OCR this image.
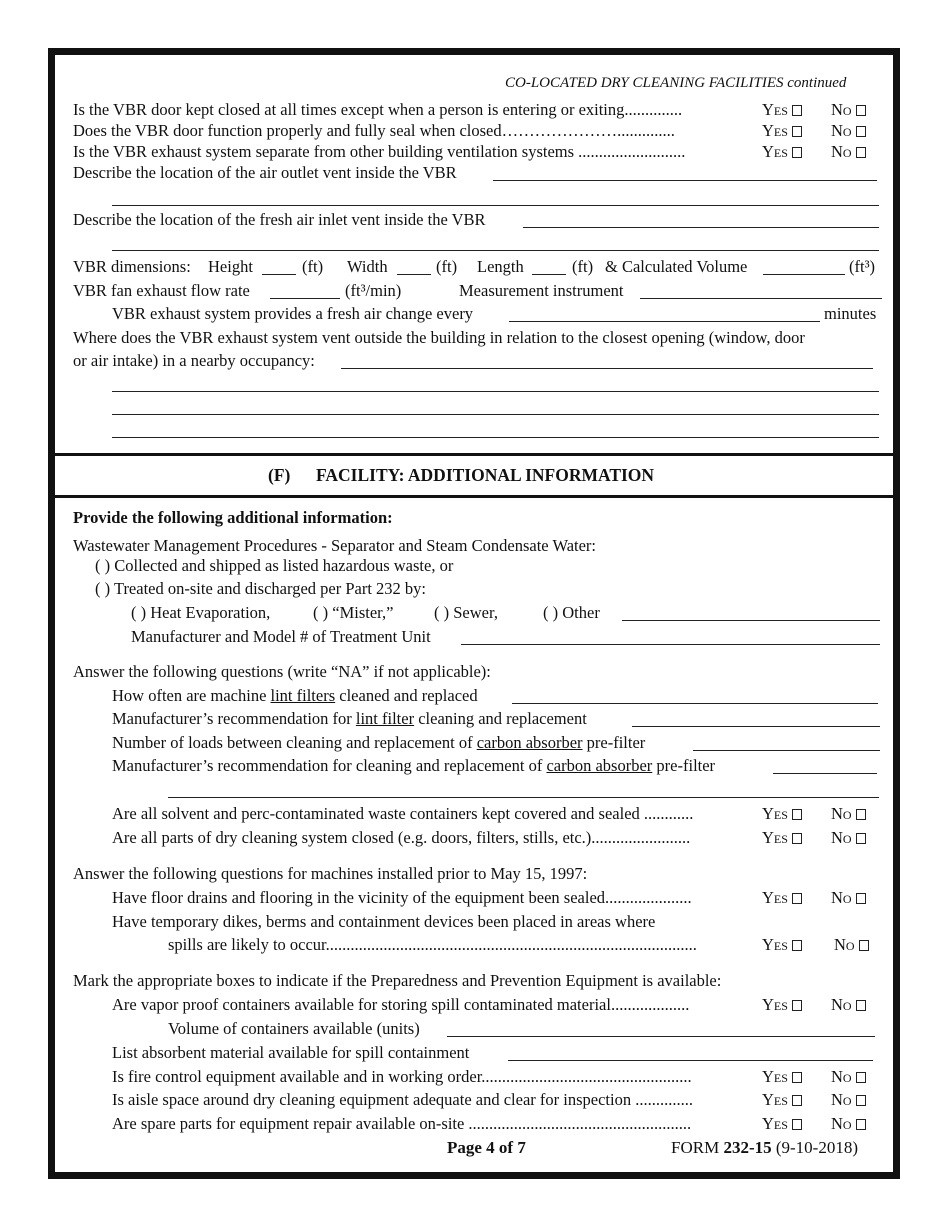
CO-LOCATED DRY CLEANING FACILITIES continued
Is the VBR door kept closed at all times except when a person is entering or exiting..............	Yes	No
Does the VBR door function properly and fully seal when closed…………………..............	Yes	No
Is the VBR exhaust system separate from other building ventilation systems ..........................	Yes	No
Describe the location of the air outlet vent inside the VBR
Describe the location of the fresh air inlet vent inside the VBR
VBR dimensions: Height	(ft) Width	(ft) Length	(ft) & Calculated Volume	(ft³)
VBR fan exhaust flow rate	(ft³/min)	Measurement instrument
VBR exhaust system provides a fresh air change every	minutes
Where does the VBR exhaust system vent outside the building in relation to the closest opening (window, door
or air intake) in a nearby occupancy:
(F) FACILITY: ADDITIONAL INFORMATION
Provide the following additional information:
Wastewater Management Procedures - Separator and Steam Condensate Water:
( ) Collected and shipped as listed hazardous waste, or
( ) Treated on-site and discharged per Part 232 by:
( ) Heat Evaporation,	( ) “Mister,” ( ) Sewer,	( ) Other
Manufacturer and Model # of Treatment Unit
Answer the following questions (write “NA” if not applicable):
How often are machine lint filters cleaned and replaced
Manufacturer’s recommendation for lint filter cleaning and replacement
Number of loads between cleaning and replacement of carbon absorber pre-filter
Manufacturer’s recommendation for cleaning and replacement of carbon absorber pre-filter
Are all solvent and perc-contaminated waste containers kept covered and sealed ............	Yes	No
Are all parts of dry cleaning system closed (e.g. doors, filters, stills, etc.)........................	Yes	No
Answer the following questions for machines installed prior to May 15, 1997:
Have floor drains and flooring in the vicinity of the equipment been sealed.....................	Yes	No
Have temporary dikes, berms and containment devices been placed in areas where
spills are likely to occur..........................................................................................	Yes	No
Mark the appropriate boxes to indicate if the Preparedness and Prevention Equipment is available:
Are vapor proof containers available for storing spill contaminated material...................	Yes	No
Volume of containers available (units)
List absorbent material available for spill containment
Is fire control equipment available and in working order...................................................	Yes	No
Is aisle space around dry cleaning equipment adequate and clear for inspection ..............	Yes	No
Are spare parts for equipment repair available on-site ......................................................	Yes	No
Page 4 of 7	FORM 232-15 (9-10-2018)
